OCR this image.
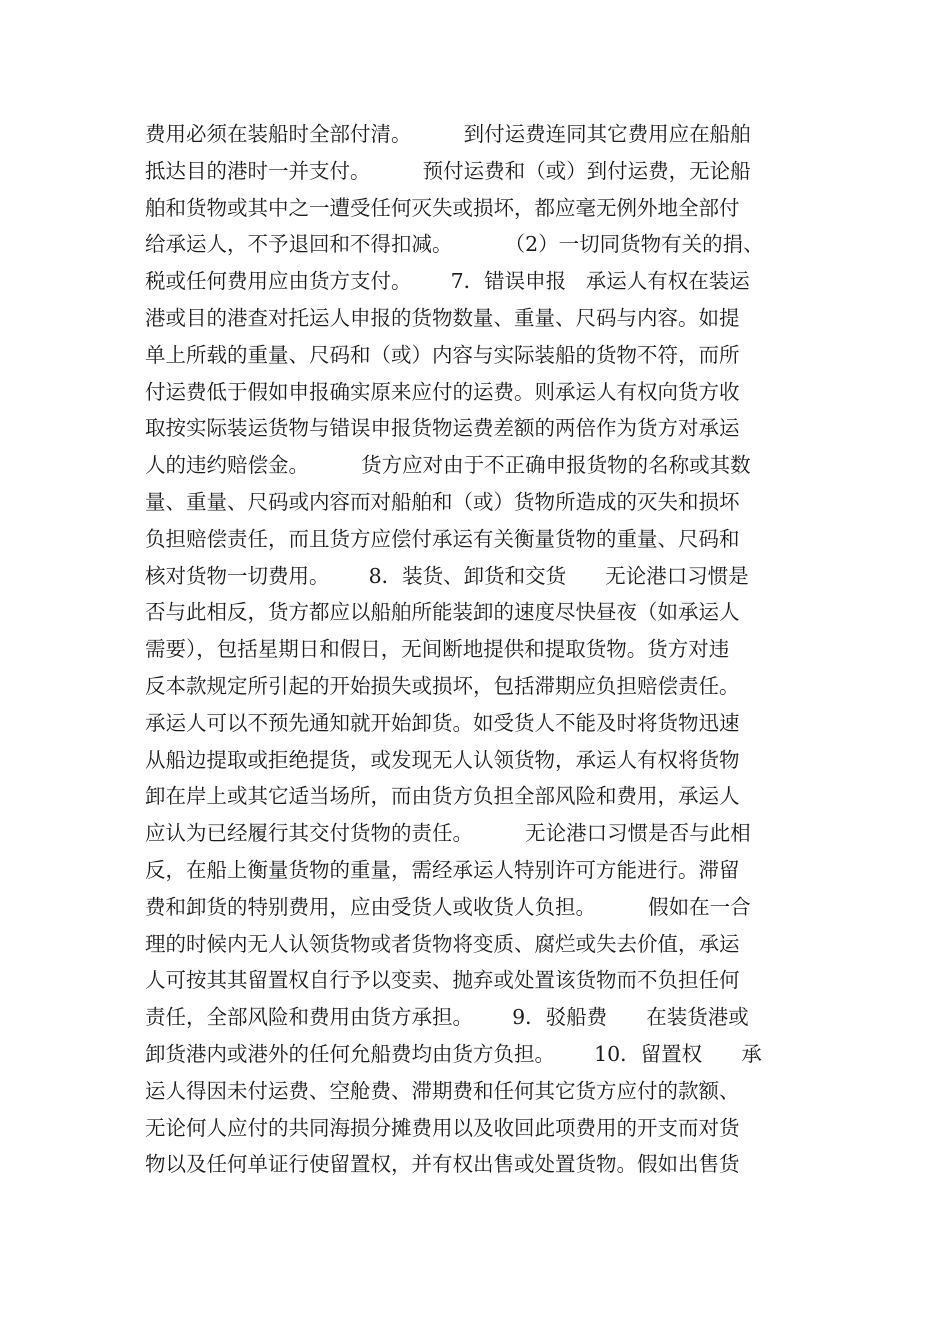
费用必须在装船时全部付清。        到付运费连同其它费用应在船舶
抵达目的港时一并支付。        预付运费和（或）到付运费，无论船
舶和货物或其中之一遭受任何灭失或损坏，都应毫无例外地全部付
给承运人，不予退回和不得扣减。        （2）一切同货物有关的捐、
税或任何费用应由货方支付。      7．错误申报   承运人有权在装运
港或目的港查对托运人申报的货物数量、重量、尺码与内容。如提
单上所载的重量、尺码和（或）内容与实际装船的货物不符，而所
付运费低于假如申报确实原来应付的运费。则承运人有权向货方收
取按实际装运货物与错误申报货物运费差额的两倍作为货方对承运
人的违约赔偿金。        货方应对由于不正确申报货物的名称或其数
量、重量、尺码或内容而对船舶和（或）货物所造成的灭失和损坏
负担赔偿责任，而且货方应偿付承运有关衡量货物的重量、尺码和
核对货物一切费用。      8．装货、卸货和交货      无论港口习惯是
否与此相反，货方都应以船舶所能装卸的速度尽快昼夜（如承运人
需要），包括星期日和假日，无间断地提供和提取货物。货方对违
反本款规定所引起的开始损失或损坏，包括滞期应负担赔偿责任。
承运人可以不预先通知就开始卸货。如受货人不能及时将货物迅速
从船边提取或拒绝提货，或发现无人认领货物，承运人有权将货物
卸在岸上或其它适当场所，而由货方负担全部风险和费用，承运人
应认为已经履行其交付货物的责任。        无论港口习惯是否与此相
反，在船上衡量货物的重量，需经承运人特别许可方能进行。滞留
费和卸货的特别费用，应由受货人或收货人负担。        假如在一合
理的时候内无人认领货物或者货物将变质、腐烂或失去价值，承运
人可按其其留置权自行予以变卖、抛弃或处置该货物而不负担任何
责任，全部风险和费用由货方承担。      9．驳船费      在装货港或
卸货港内或港外的任何允船费均由货方负担。      10．留置权      承
运人得因未付运费、空舱费、滞期费和任何其它货方应付的款额、
无论何人应付的共同海损分摊费用以及收回此项费用的开支而对货
物以及任何单证行使留置权，并有权出售或处置货物。假如出售货
